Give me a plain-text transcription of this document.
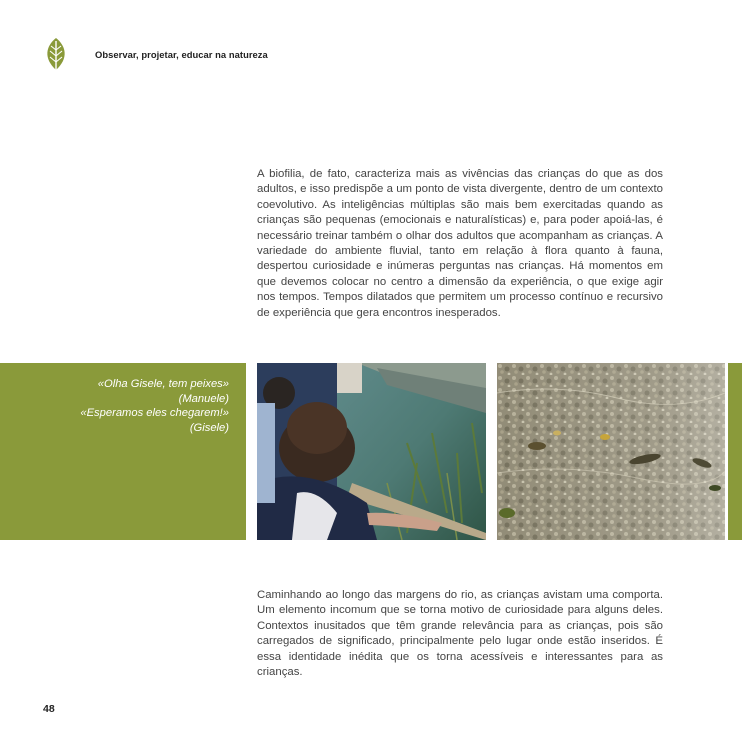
Observar, projetar, educar na natureza

A biofilia, de fato, caracteriza mais as vivências das crianças do que as dos adultos, e isso predispõe a um ponto de vista divergente, dentro de um contexto coevolutivo. As inteligências múltiplas são mais bem exercitadas quando as crianças são pequenas (emocionais e naturalísticas) e, para poder apoiá-las, é necessário treinar também o olhar dos adultos que acompanham as crianças. A variedade do ambiente fluvial, tanto em relação à flora quanto à fauna, despertou curiosidade e inúmeras perguntas nas crianças. Há momentos em que devemos colocar no centro a dimensão da experiência, o que exige agir nos tempos. Tempos dilatados que permitem um processo contínuo e recursivo de experiência que gera encontros inesperados.

«Olha Gisele, tem peixes»
(Manuele)
«Esperamos eles chegarem!»
(Gisele)

Caminhando ao longo das margens do rio, as crianças avistam uma comporta. Um elemento incomum que se torna motivo de curiosidade para alguns deles. Contextos inusitados que têm grande relevância para as crianças, pois são carregados de significado, principalmente pelo lugar onde estão inseridos. É essa identidade inédita que os torna acessíveis e interessantes para as crianças.

48
